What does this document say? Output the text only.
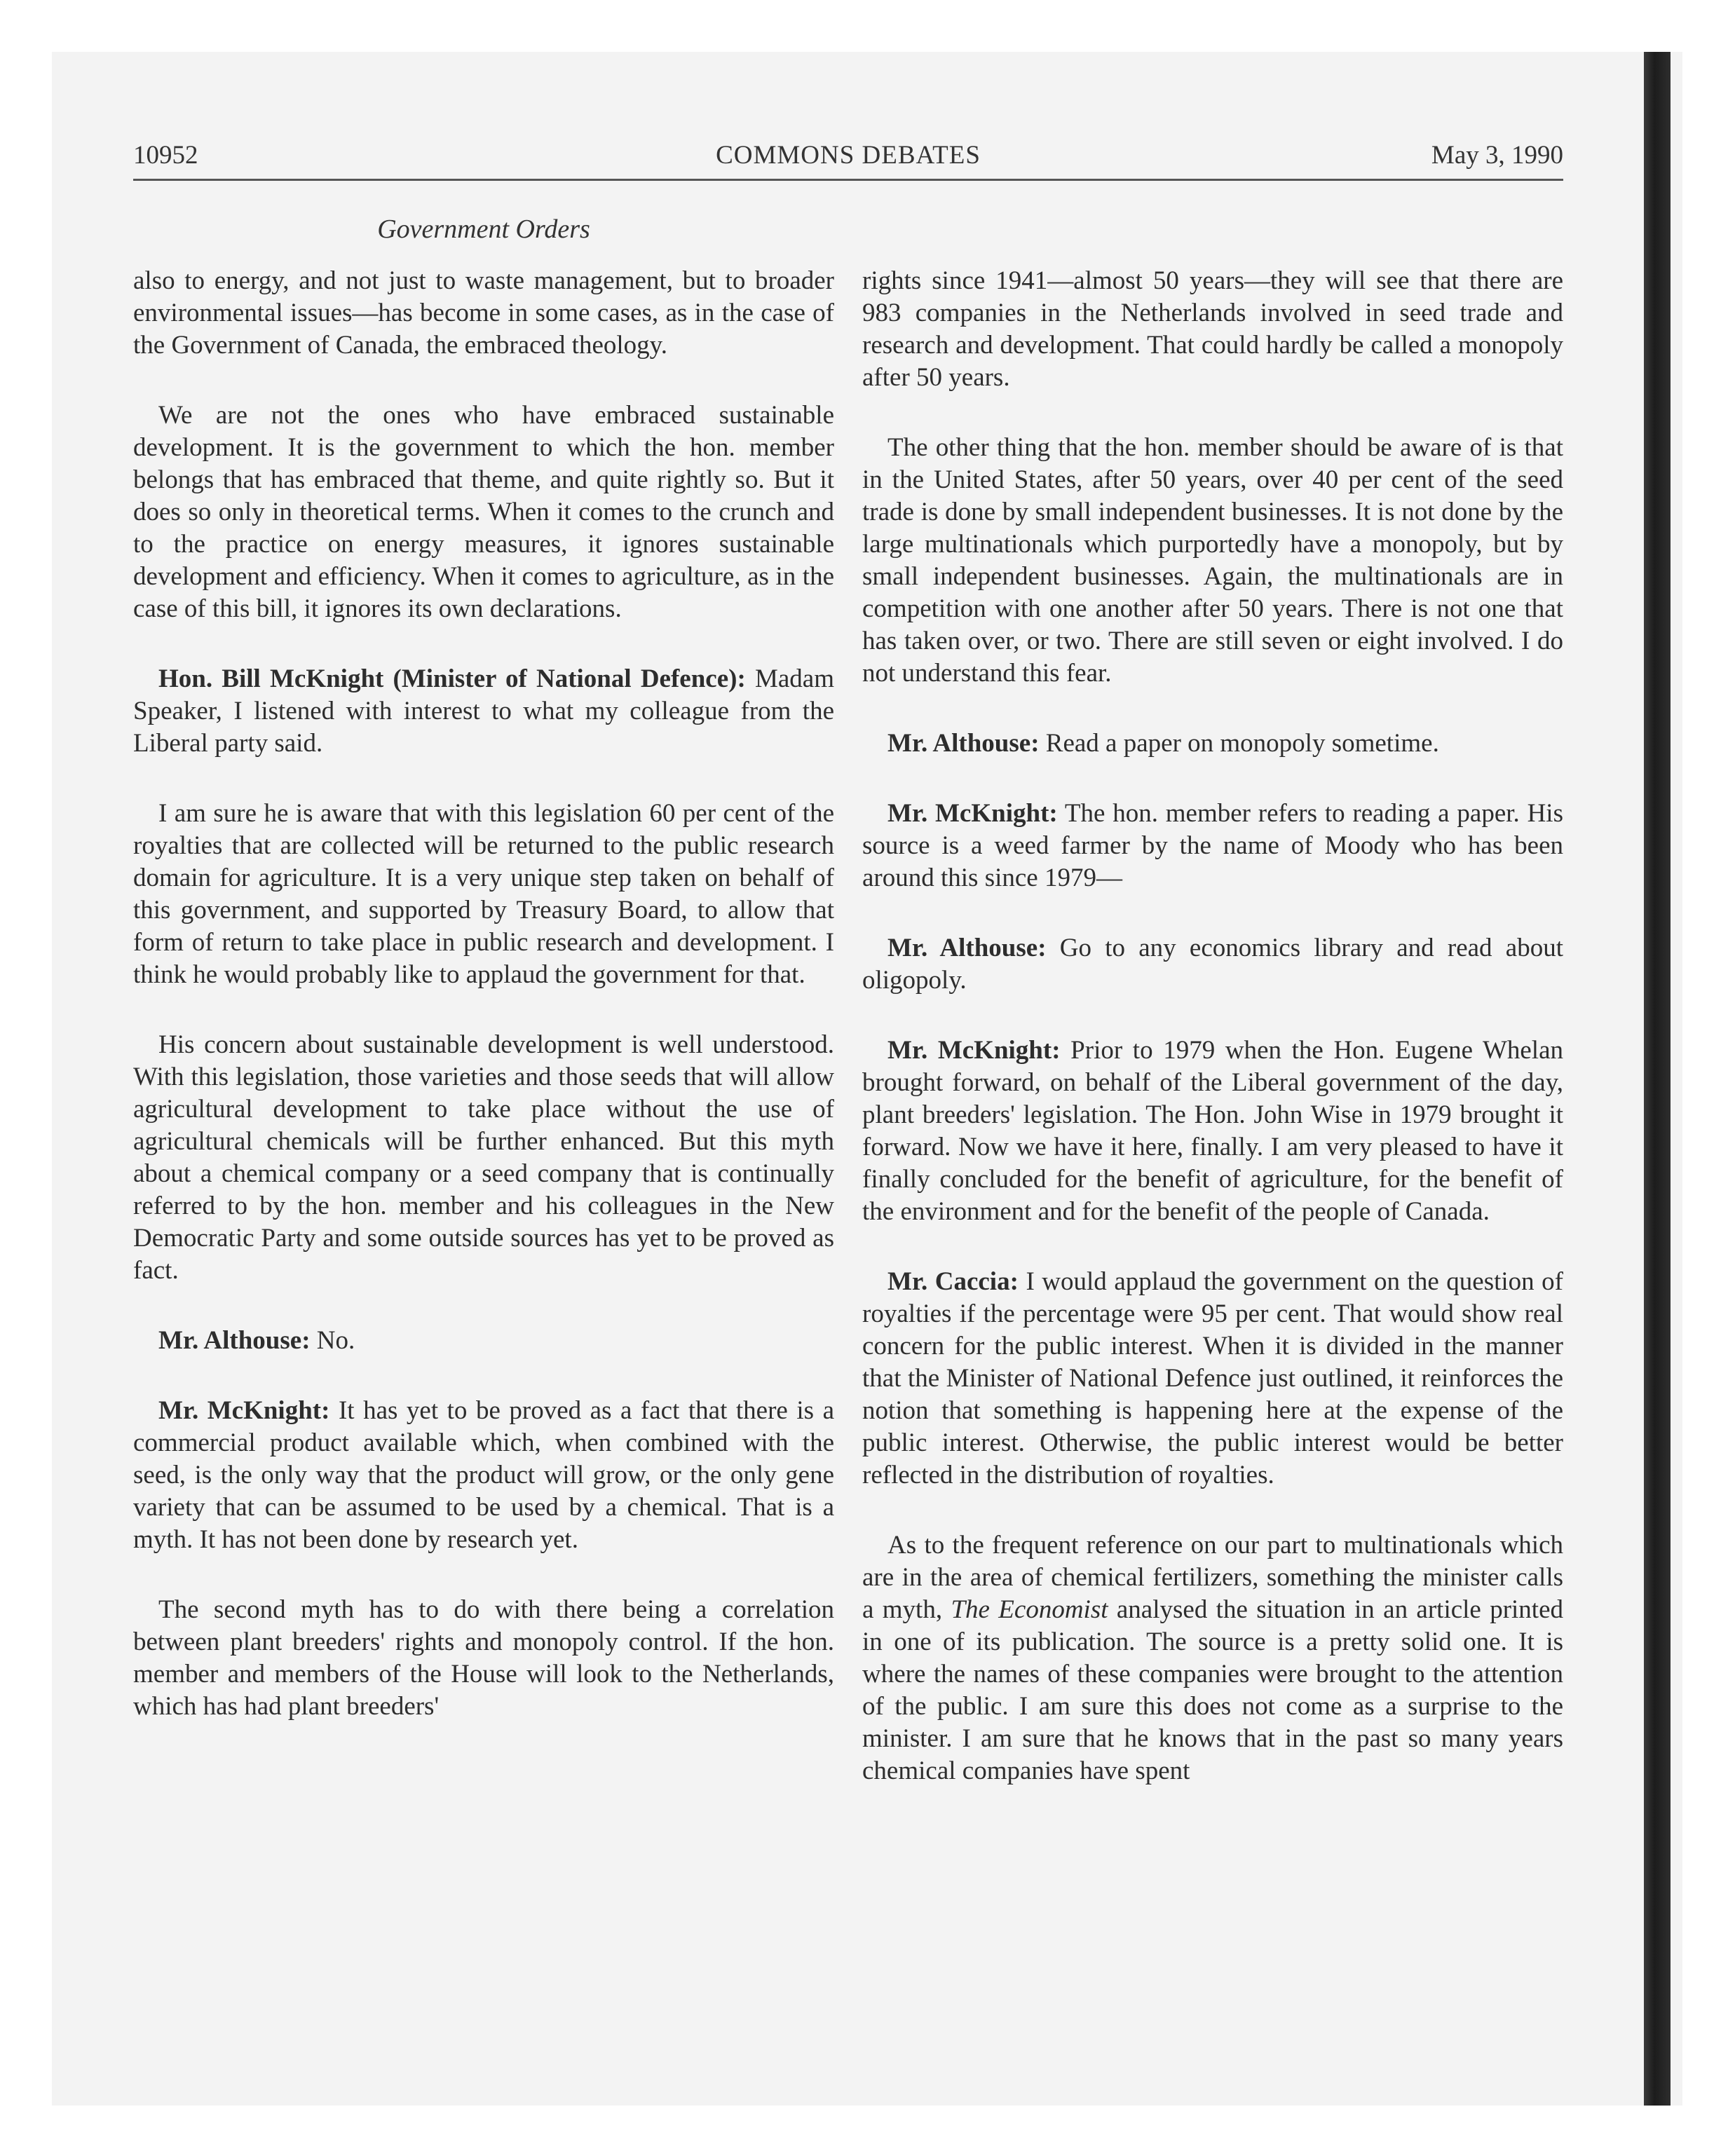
10952	COMMONS DEBATES	May 3, 1990
Government Orders

also to energy, and not just to waste management, but to broader environmental issues—has become in some cases, as in the case of the Government of Canada, the embraced theology.

We are not the ones who have embraced sustainable development. It is the government to which the hon. member belongs that has embraced that theme, and quite rightly so. But it does so only in theoretical terms. When it comes to the crunch and to the practice on energy measures, it ignores sustainable development and efficiency. When it comes to agriculture, as in the case of this bill, it ignores its own declarations.

Hon. Bill McKnight (Minister of National Defence): Madam Speaker, I listened with interest to what my colleague from the Liberal party said.

I am sure he is aware that with this legislation 60 per cent of the royalties that are collected will be returned to the public research domain for agriculture. It is a very unique step taken on behalf of this government, and supported by Treasury Board, to allow that form of return to take place in public research and development. I think he would probably like to applaud the government for that.

His concern about sustainable development is well understood. With this legislation, those varieties and those seeds that will allow agricultural development to take place without the use of agricultural chemicals will be further enhanced. But this myth about a chemical company or a seed company that is continually referred to by the hon. member and his colleagues in the New Democratic Party and some outside sources has yet to be proved as fact.

Mr. Althouse: No.

Mr. McKnight: It has yet to be proved as a fact that there is a commercial product available which, when combined with the seed, is the only way that the product will grow, or the only gene variety that can be assumed to be used by a chemical. That is a myth. It has not been done by research yet.

The second myth has to do with there being a correlation between plant breeders' rights and monopoly control. If the hon. member and members of the House will look to the Netherlands, which has had plant breeders'

rights since 1941—almost 50 years—they will see that there are 983 companies in the Netherlands involved in seed trade and research and development. That could hardly be called a monopoly after 50 years.

The other thing that the hon. member should be aware of is that in the United States, after 50 years, over 40 per cent of the seed trade is done by small independent businesses. It is not done by the large multinationals which purportedly have a monopoly, but by small independent businesses. Again, the multinationals are in competition with one another after 50 years. There is not one that has taken over, or two. There are still seven or eight involved. I do not understand this fear.

Mr. Althouse: Read a paper on monopoly sometime.

Mr. McKnight: The hon. member refers to reading a paper. His source is a weed farmer by the name of Moody who has been around this since 1979—

Mr. Althouse: Go to any economics library and read about oligopoly.

Mr. McKnight: Prior to 1979 when the Hon. Eugene Whelan brought forward, on behalf of the Liberal government of the day, plant breeders' legislation. The Hon. John Wise in 1979 brought it forward. Now we have it here, finally. I am very pleased to have it finally concluded for the benefit of agriculture, for the benefit of the environment and for the benefit of the people of Canada.

Mr. Caccia: I would applaud the government on the question of royalties if the percentage were 95 per cent. That would show real concern for the public interest. When it is divided in the manner that the Minister of National Defence just outlined, it reinforces the notion that something is happening here at the expense of the public interest. Otherwise, the public interest would be better reflected in the distribution of royalties.

As to the frequent reference on our part to multinationals which are in the area of chemical fertilizers, something the minister calls a myth, The Economist analysed the situation in an article printed in one of its publication. The source is a pretty solid one. It is where the names of these companies were brought to the attention of the public. I am sure this does not come as a surprise to the minister. I am sure that he knows that in the past so many years chemical companies have spent
